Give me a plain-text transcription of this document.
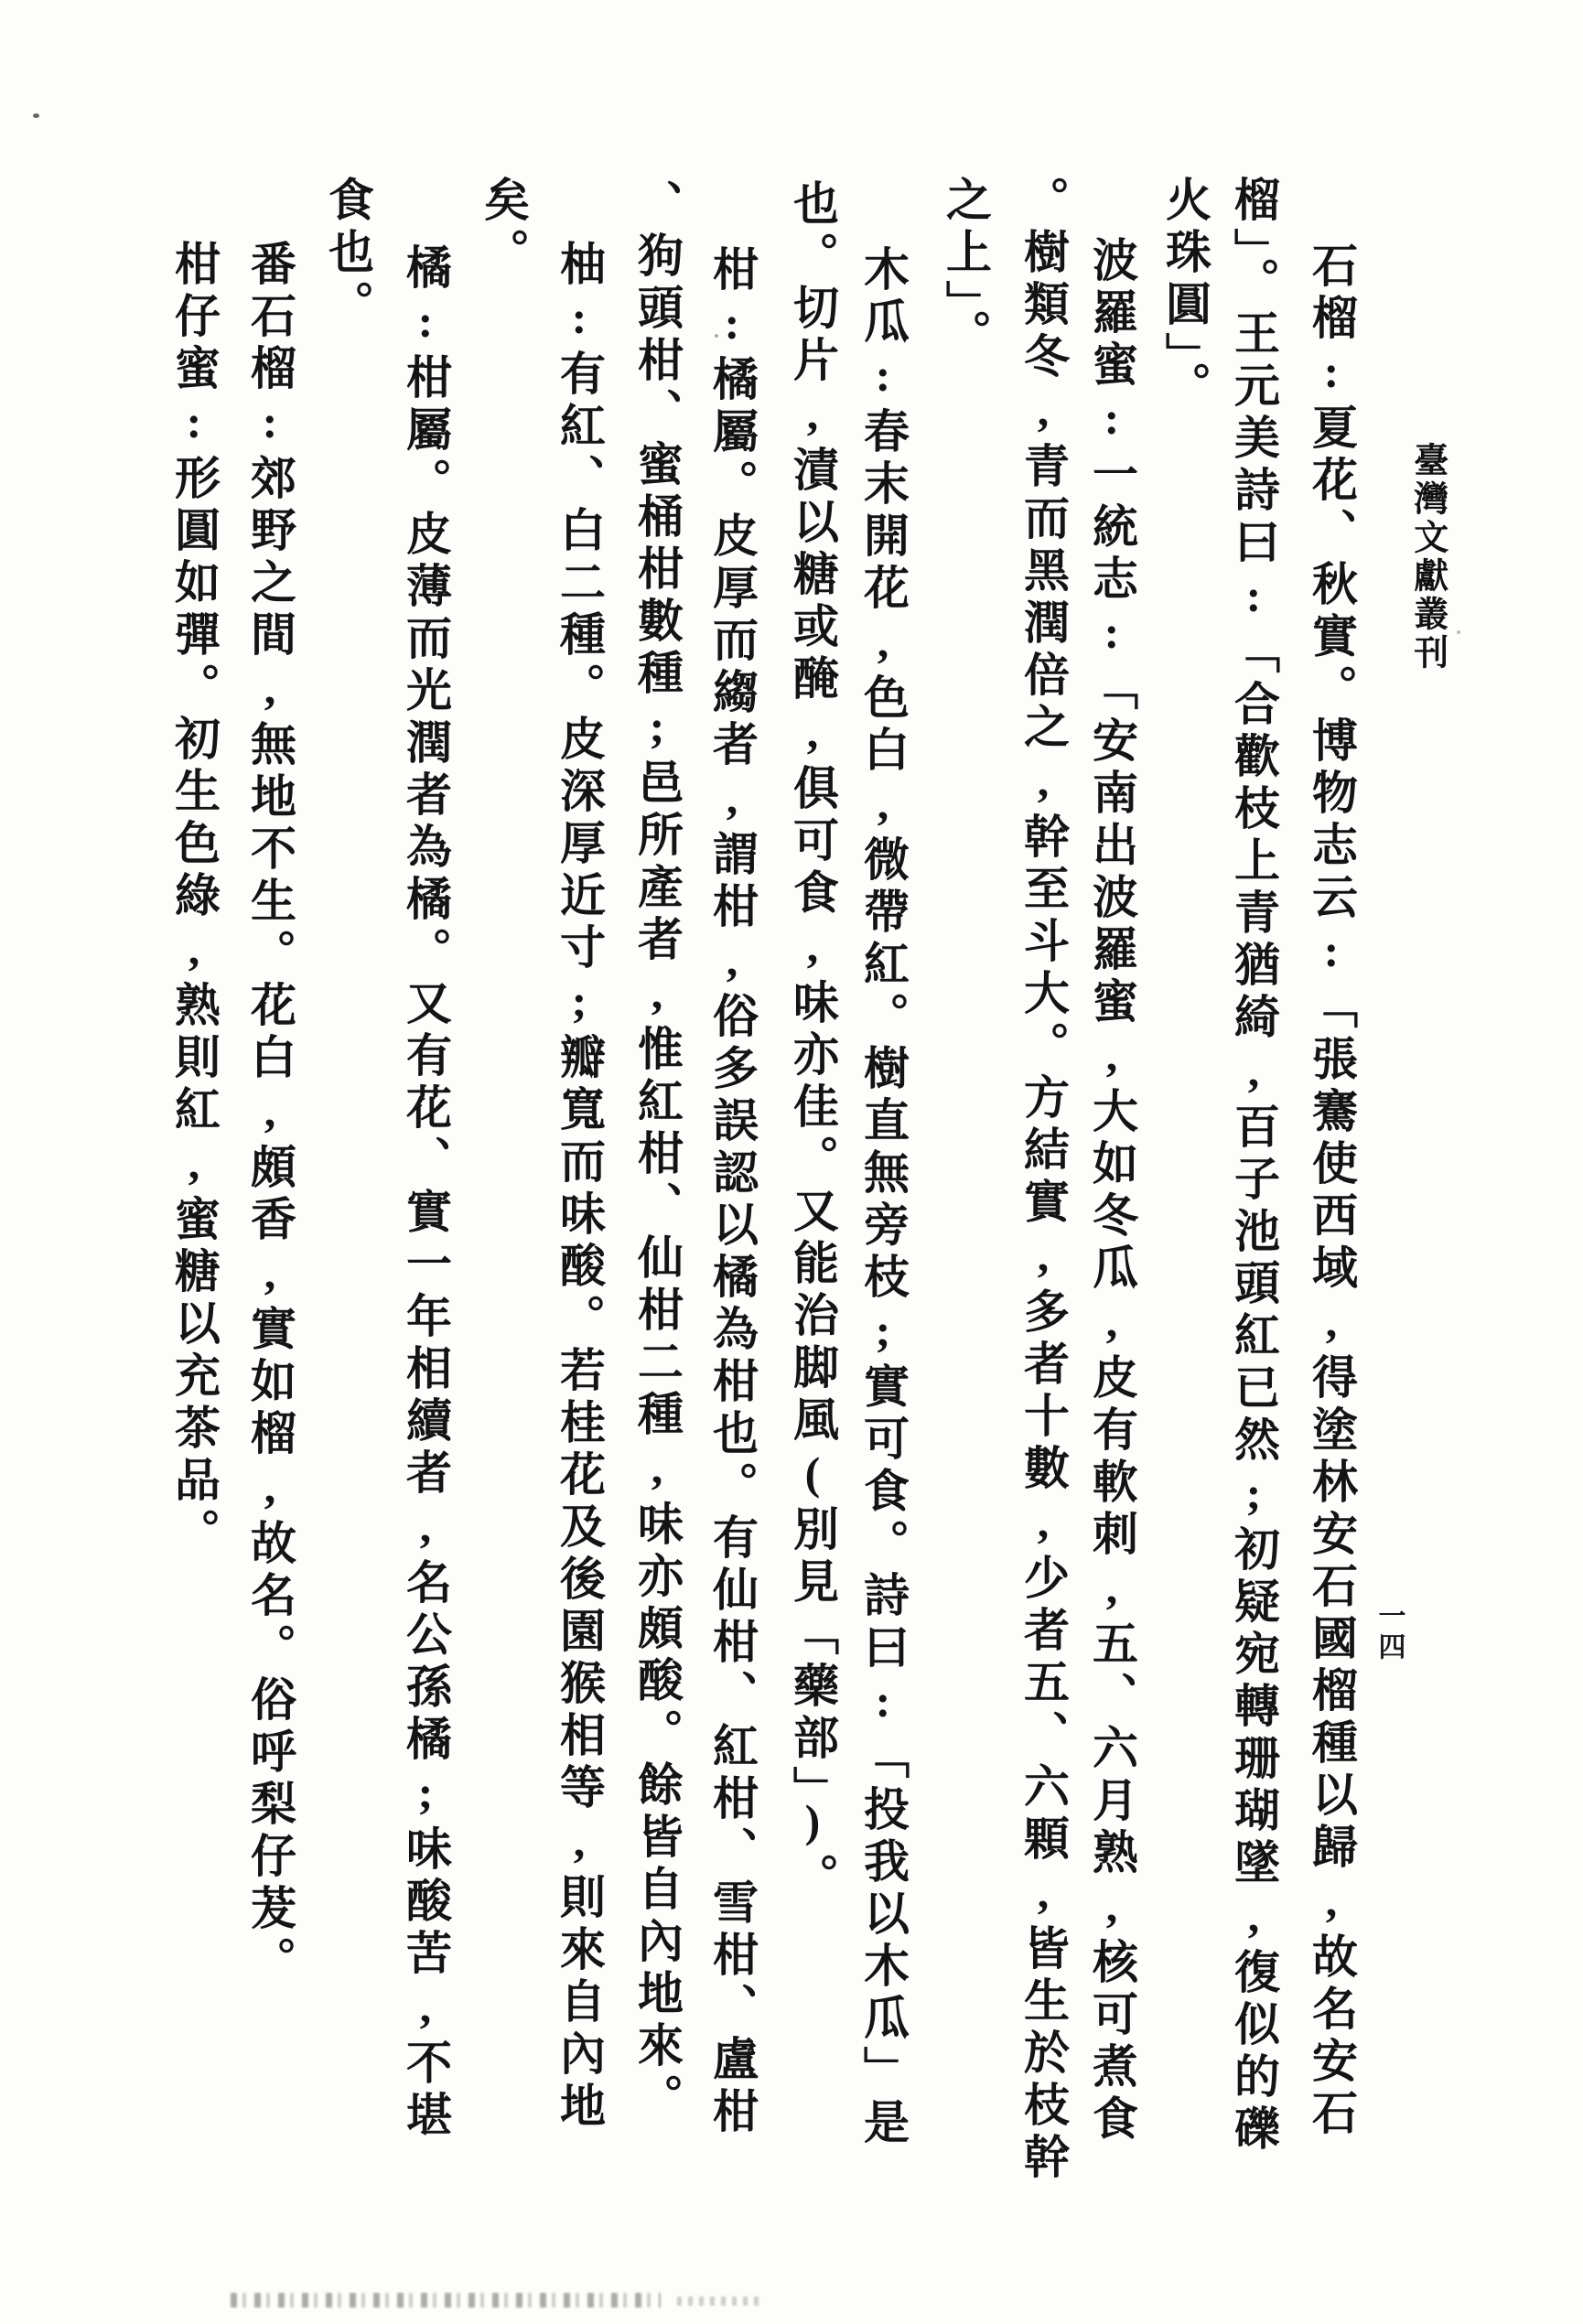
臺灣文獻叢刊
一四
石榴:夏花、秋實。博物志云:「張騫使西域,得塗林安石國榴種以歸,故名安石
榴」。王元美詩曰:「合歡枝上青猶綺,百子池頭紅已然;初疑宛轉珊瑚墜,復似的礫
火珠圓」。
波羅蜜:一統志:「安南出波羅蜜,大如冬瓜,皮有軟刺,五、六月熟,核可煮食
。樹類冬,青而黑潤倍之,幹至斗大。方結實,多者十數,少者五、六顆,皆生於枝幹
之上」。
木瓜:春末開花,色白,微帶紅。樹直無旁枝;實可食。詩曰:「投我以木瓜」是
也。切片,漬以糖或醃,俱可食,味亦佳。又能治脚風(別見「藥部」)。
柑:橘屬。皮厚而縐者,謂柑,俗多誤認以橘為柑也。有仙柑、紅柑、雪柑、盧柑
、狗頭柑、蜜桶柑數種;邑所產者,惟紅柑、仙柑二種,味亦頗酸。餘皆自內地來。
柚:有紅、白二種。皮深厚近寸;瓣寬而味酸。若桂花及後園猴相等,則來自內地
矣。
橘:柑屬。皮薄而光潤者為橘。又有花、實一年相續者,名公孫橘;味酸苦,不堪
食也。
番石榴:郊野之間,無地不生。花白,頗香,實如榴,故名。俗呼梨仔茇。
柑仔蜜:形圓如彈。初生色綠,熟則紅,蜜糖以充茶品。
